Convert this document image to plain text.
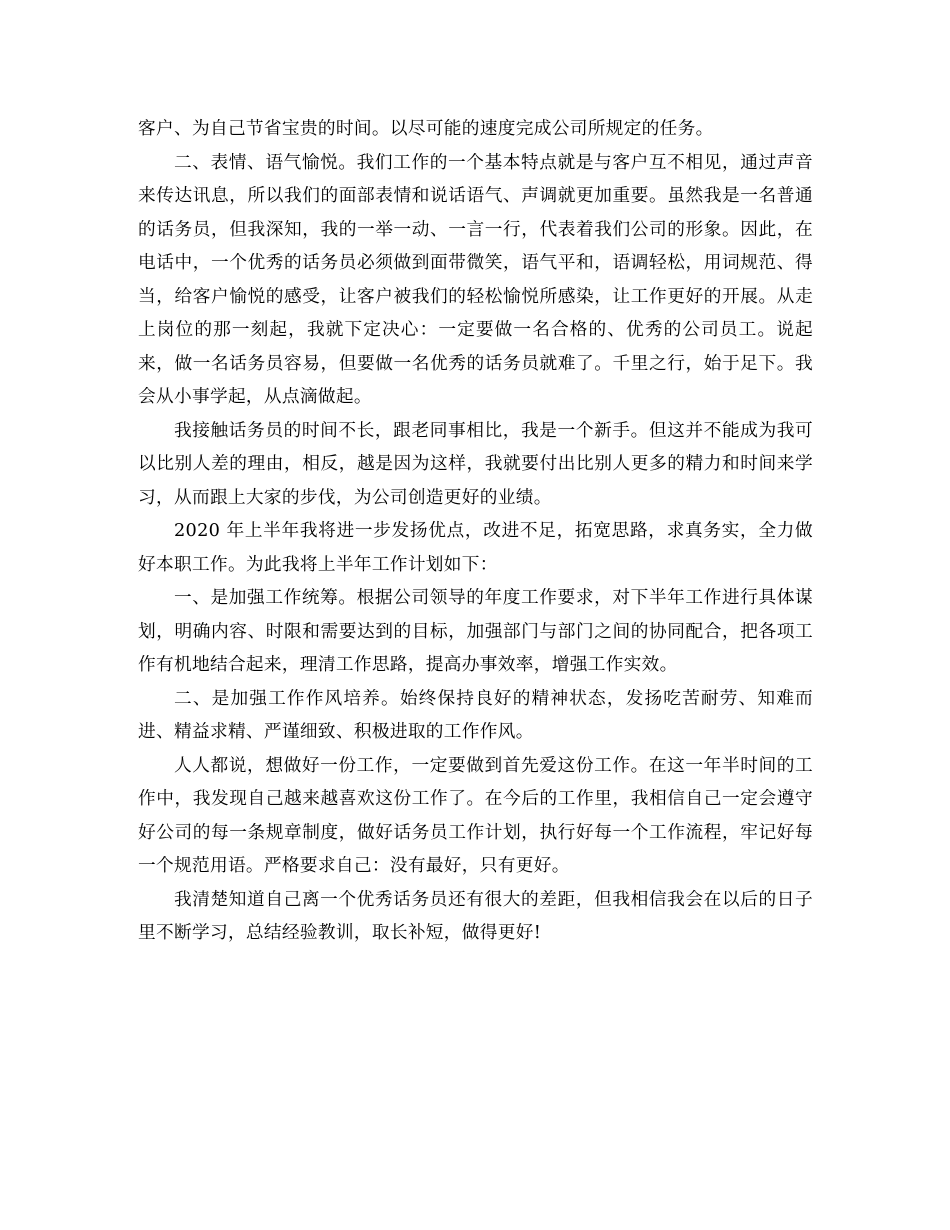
客户、为自己节省宝贵的时间。以尽可能的速度完成公司所规定的任务。

二、表情、语气愉悦。我们工作的一个基本特点就是与客户互不相见，通过声音来传达讯息，所以我们的面部表情和说话语气、声调就更加重要。虽然我是一名普通的话务员，但我深知，我的一举一动、一言一行，代表着我们公司的形象。因此，在电话中，一个优秀的话务员必须做到面带微笑，语气平和，语调轻松，用词规范、得当，给客户愉悦的感受，让客户被我们的轻松愉悦所感染，让工作更好的开展。从走上岗位的那一刻起，我就下定决心：一定要做一名合格的、优秀的公司员工。说起来，做一名话务员容易，但要做一名优秀的话务员就难了。千里之行，始于足下。我会从小事学起，从点滴做起。

我接触话务员的时间不长，跟老同事相比，我是一个新手。但这并不能成为我可以比别人差的理由，相反，越是因为这样，我就要付出比别人更多的精力和时间来学习，从而跟上大家的步伐，为公司创造更好的业绩。

2020 年上半年我将进一步发扬优点，改进不足，拓宽思路，求真务实，全力做好本职工作。为此我将上半年工作计划如下：

一、是加强工作统筹。根据公司领导的年度工作要求，对下半年工作进行具体谋划，明确内容、时限和需要达到的目标，加强部门与部门之间的协同配合，把各项工作有机地结合起来，理清工作思路，提高办事效率，增强工作实效。

二、是加强工作作风培养。始终保持良好的精神状态，发扬吃苦耐劳、知难而进、精益求精、严谨细致、积极进取的工作作风。

人人都说，想做好一份工作，一定要做到首先爱这份工作。在这一年半时间的工作中，我发现自己越来越喜欢这份工作了。在今后的工作里，我相信自己一定会遵守好公司的每一条规章制度，做好话务员工作计划，执行好每一个工作流程，牢记好每一个规范用语。严格要求自己：没有最好，只有更好。

我清楚知道自己离一个优秀话务员还有很大的差距，但我相信我会在以后的日子里不断学习，总结经验教训，取长补短，做得更好!
